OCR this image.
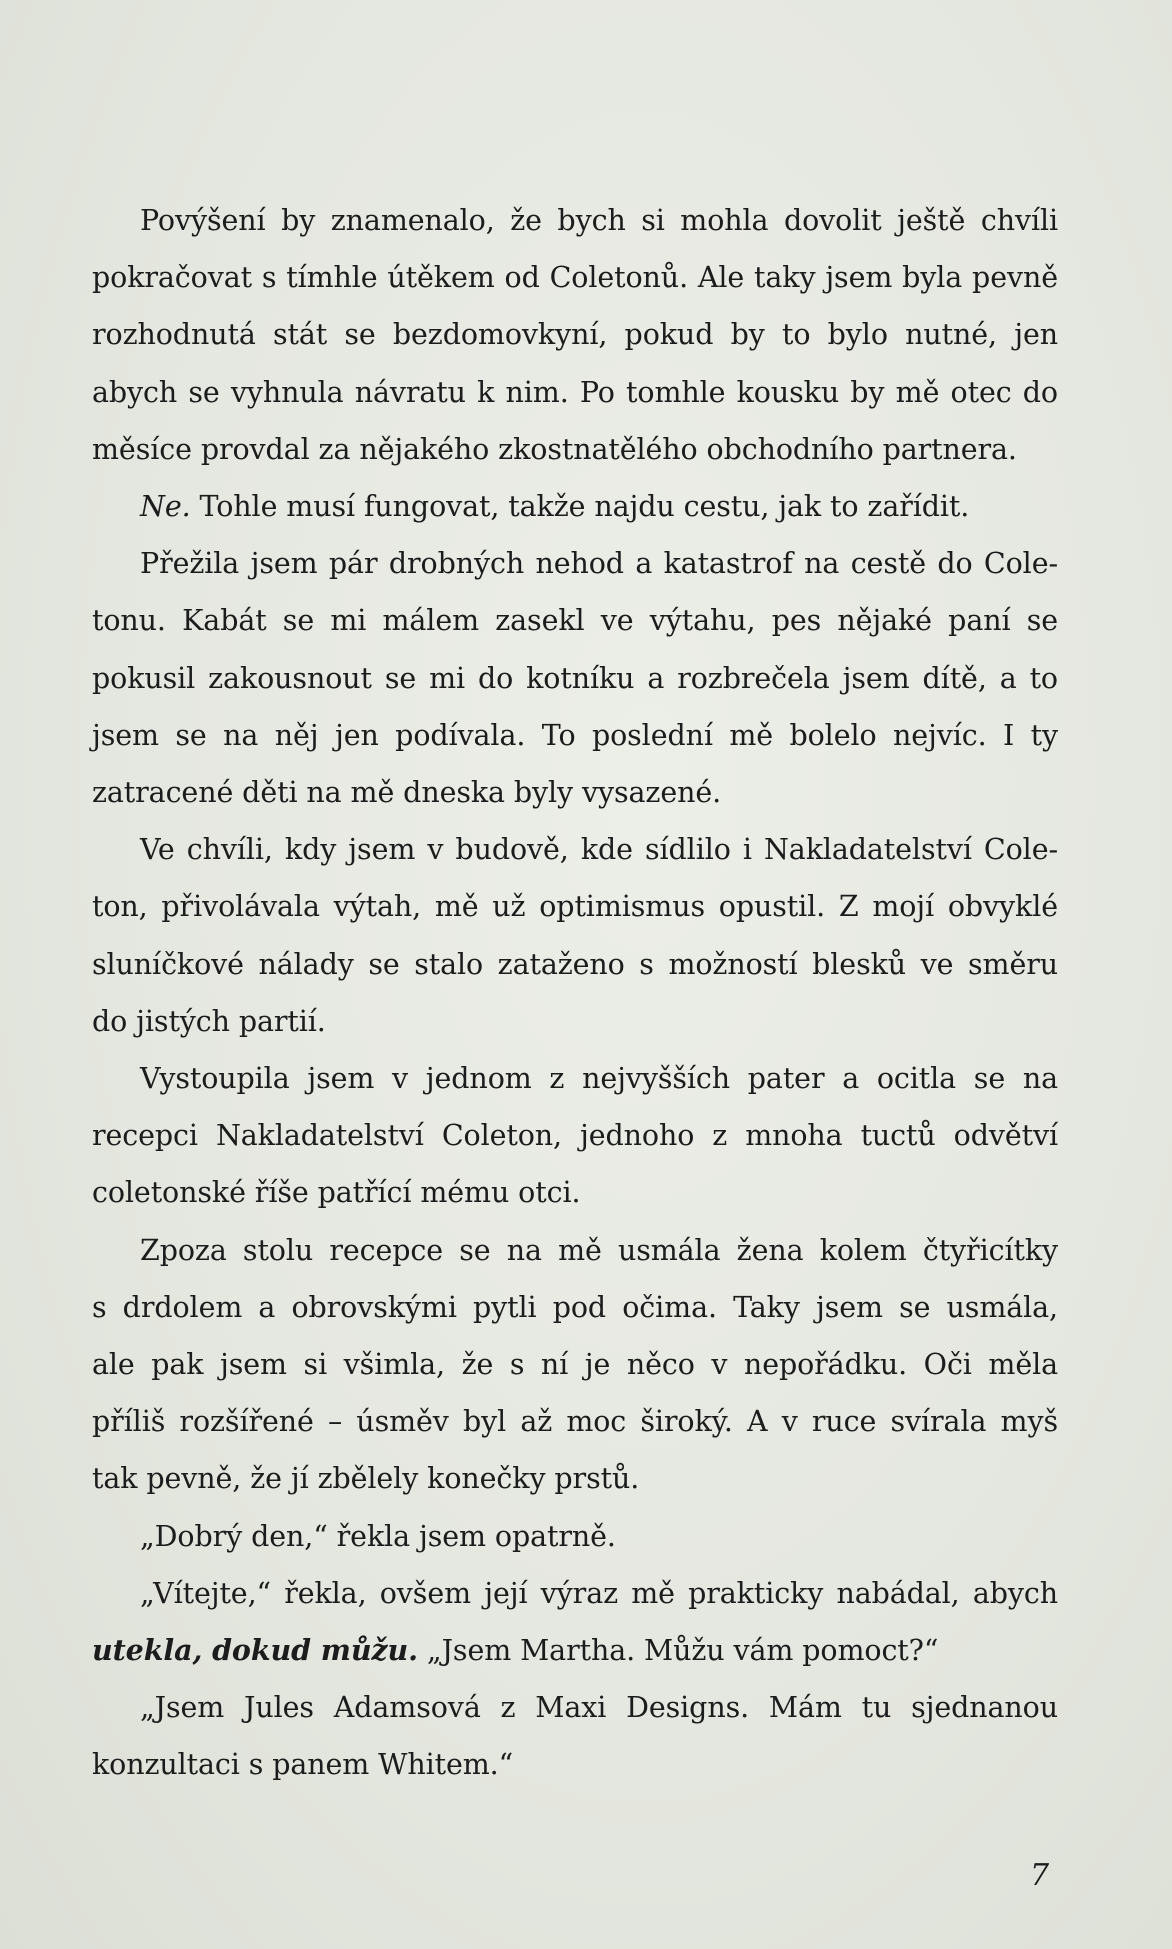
Povýšení by znamenalo, že bych si mohla dovolit ještě chvíli
pokračovat s tímhle útěkem od Coletonů. Ale taky jsem byla pevně
rozhodnutá stát se bezdomovkyní, pokud by to bylo nutné, jen
abych se vyhnula návratu k nim. Po tomhle kousku by mě otec do
měsíce provdal za nějakého zkostnatělého obchodního partnera.
Ne. Tohle musí fungovat, takže najdu cestu, jak to zařídit.
Přežila jsem pár drobných nehod a katastrof na cestě do Cole-
tonu. Kabát se mi málem zasekl ve výtahu, pes nějaké paní se
pokusil zakousnout se mi do kotníku a rozbrečela jsem dítě, a to
jsem se na něj jen podívala. To poslední mě bolelo nejvíc. I ty
zatracené děti na mě dneska byly vysazené.
Ve chvíli, kdy jsem v budově, kde sídlilo i Nakladatelství Cole-
ton, přivolávala výtah, mě už optimismus opustil. Z mojí obvyklé
sluníčkové nálady se stalo zataženo s možností blesků ve směru
do jistých partií.
Vystoupila jsem v jednom z nejvyšších pater a ocitla se na
recepci Nakladatelství Coleton, jednoho z mnoha tuctů odvětví
coletonské říše patřící mému otci.
Zpoza stolu recepce se na mě usmála žena kolem čtyřicítky
s drdolem a obrovskými pytli pod očima. Taky jsem se usmála,
ale pak jsem si všimla, že s ní je něco v nepořádku. Oči měla
příliš rozšířené – úsměv byl až moc široký. A v ruce svírala myš
tak pevně, že jí zbělely konečky prstů.
„Dobrý den,“ řekla jsem opatrně.
„Vítejte,“ řekla, ovšem její výraz mě prakticky nabádal, abych
utekla, dokud můžu. „Jsem Martha. Můžu vám pomoct?“
„Jsem Jules Adamsová z Maxi Designs. Mám tu sjednanou
konzultaci s panem Whitem.“
7
